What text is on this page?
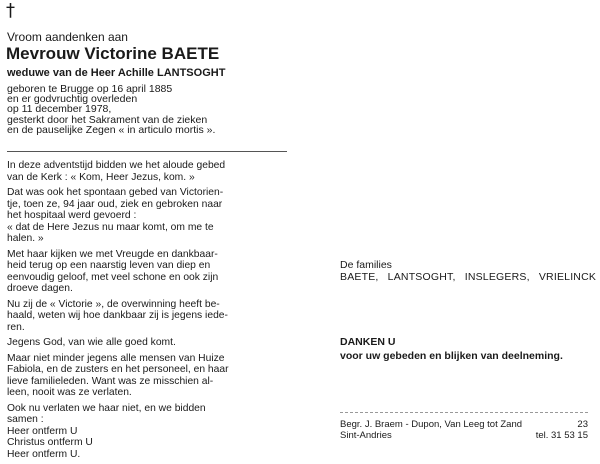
†
Vroom aandenken aan
Mevrouw Victorine BAETE
weduwe van de Heer Achille LANTSOGHT
geboren te Brugge op 16 april 1885
en er godvruchtig overleden
op 11 december 1978,
gesterkt door het Sakrament van de zieken
en de pauselijke Zegen « in articulo mortis ».

In deze adventstijd bidden we het aloude gebed
van de Kerk : « Kom, Heer Jezus, kom. »

Dat was ook het spontaan gebed van Victorien-
tje, toen ze, 94 jaar oud, ziek en gebroken naar
het hospitaal werd gevoerd :
« dat de Here Jezus nu maar komt, om me te
halen. »

Met haar kijken we met Vreugde en dankbaar-
heid terug op een naarstig leven van diep en
eenvoudig geloof, met veel schone en ook zijn
droeve dagen.

Nu zij de « Victorie », de overwinning heeft be-
haald, weten wij hoe dankbaar zij is jegens iede-
ren.

Jegens God, van wie alle goed komt.

Maar niet minder jegens alle mensen van Huize
Fabiola, en de zusters en het personeel, en haar
lieve familieleden. Want was ze misschien al-
leen, nooit was ze verlaten.

Ook nu verlaten we haar niet, en we bidden
samen :
Heer ontferm U
Christus ontferm U
Heer ontferm U.

De families
BAETE, LANTSOGHT, INSLEGERS, VRIELINCK
DANKEN U
voor uw gebeden en blijken van deelneming.
Begr. J. Braem - Dupon, Van Leeg tot Zand	23
Sint-Andries	tel. 31 53 15
